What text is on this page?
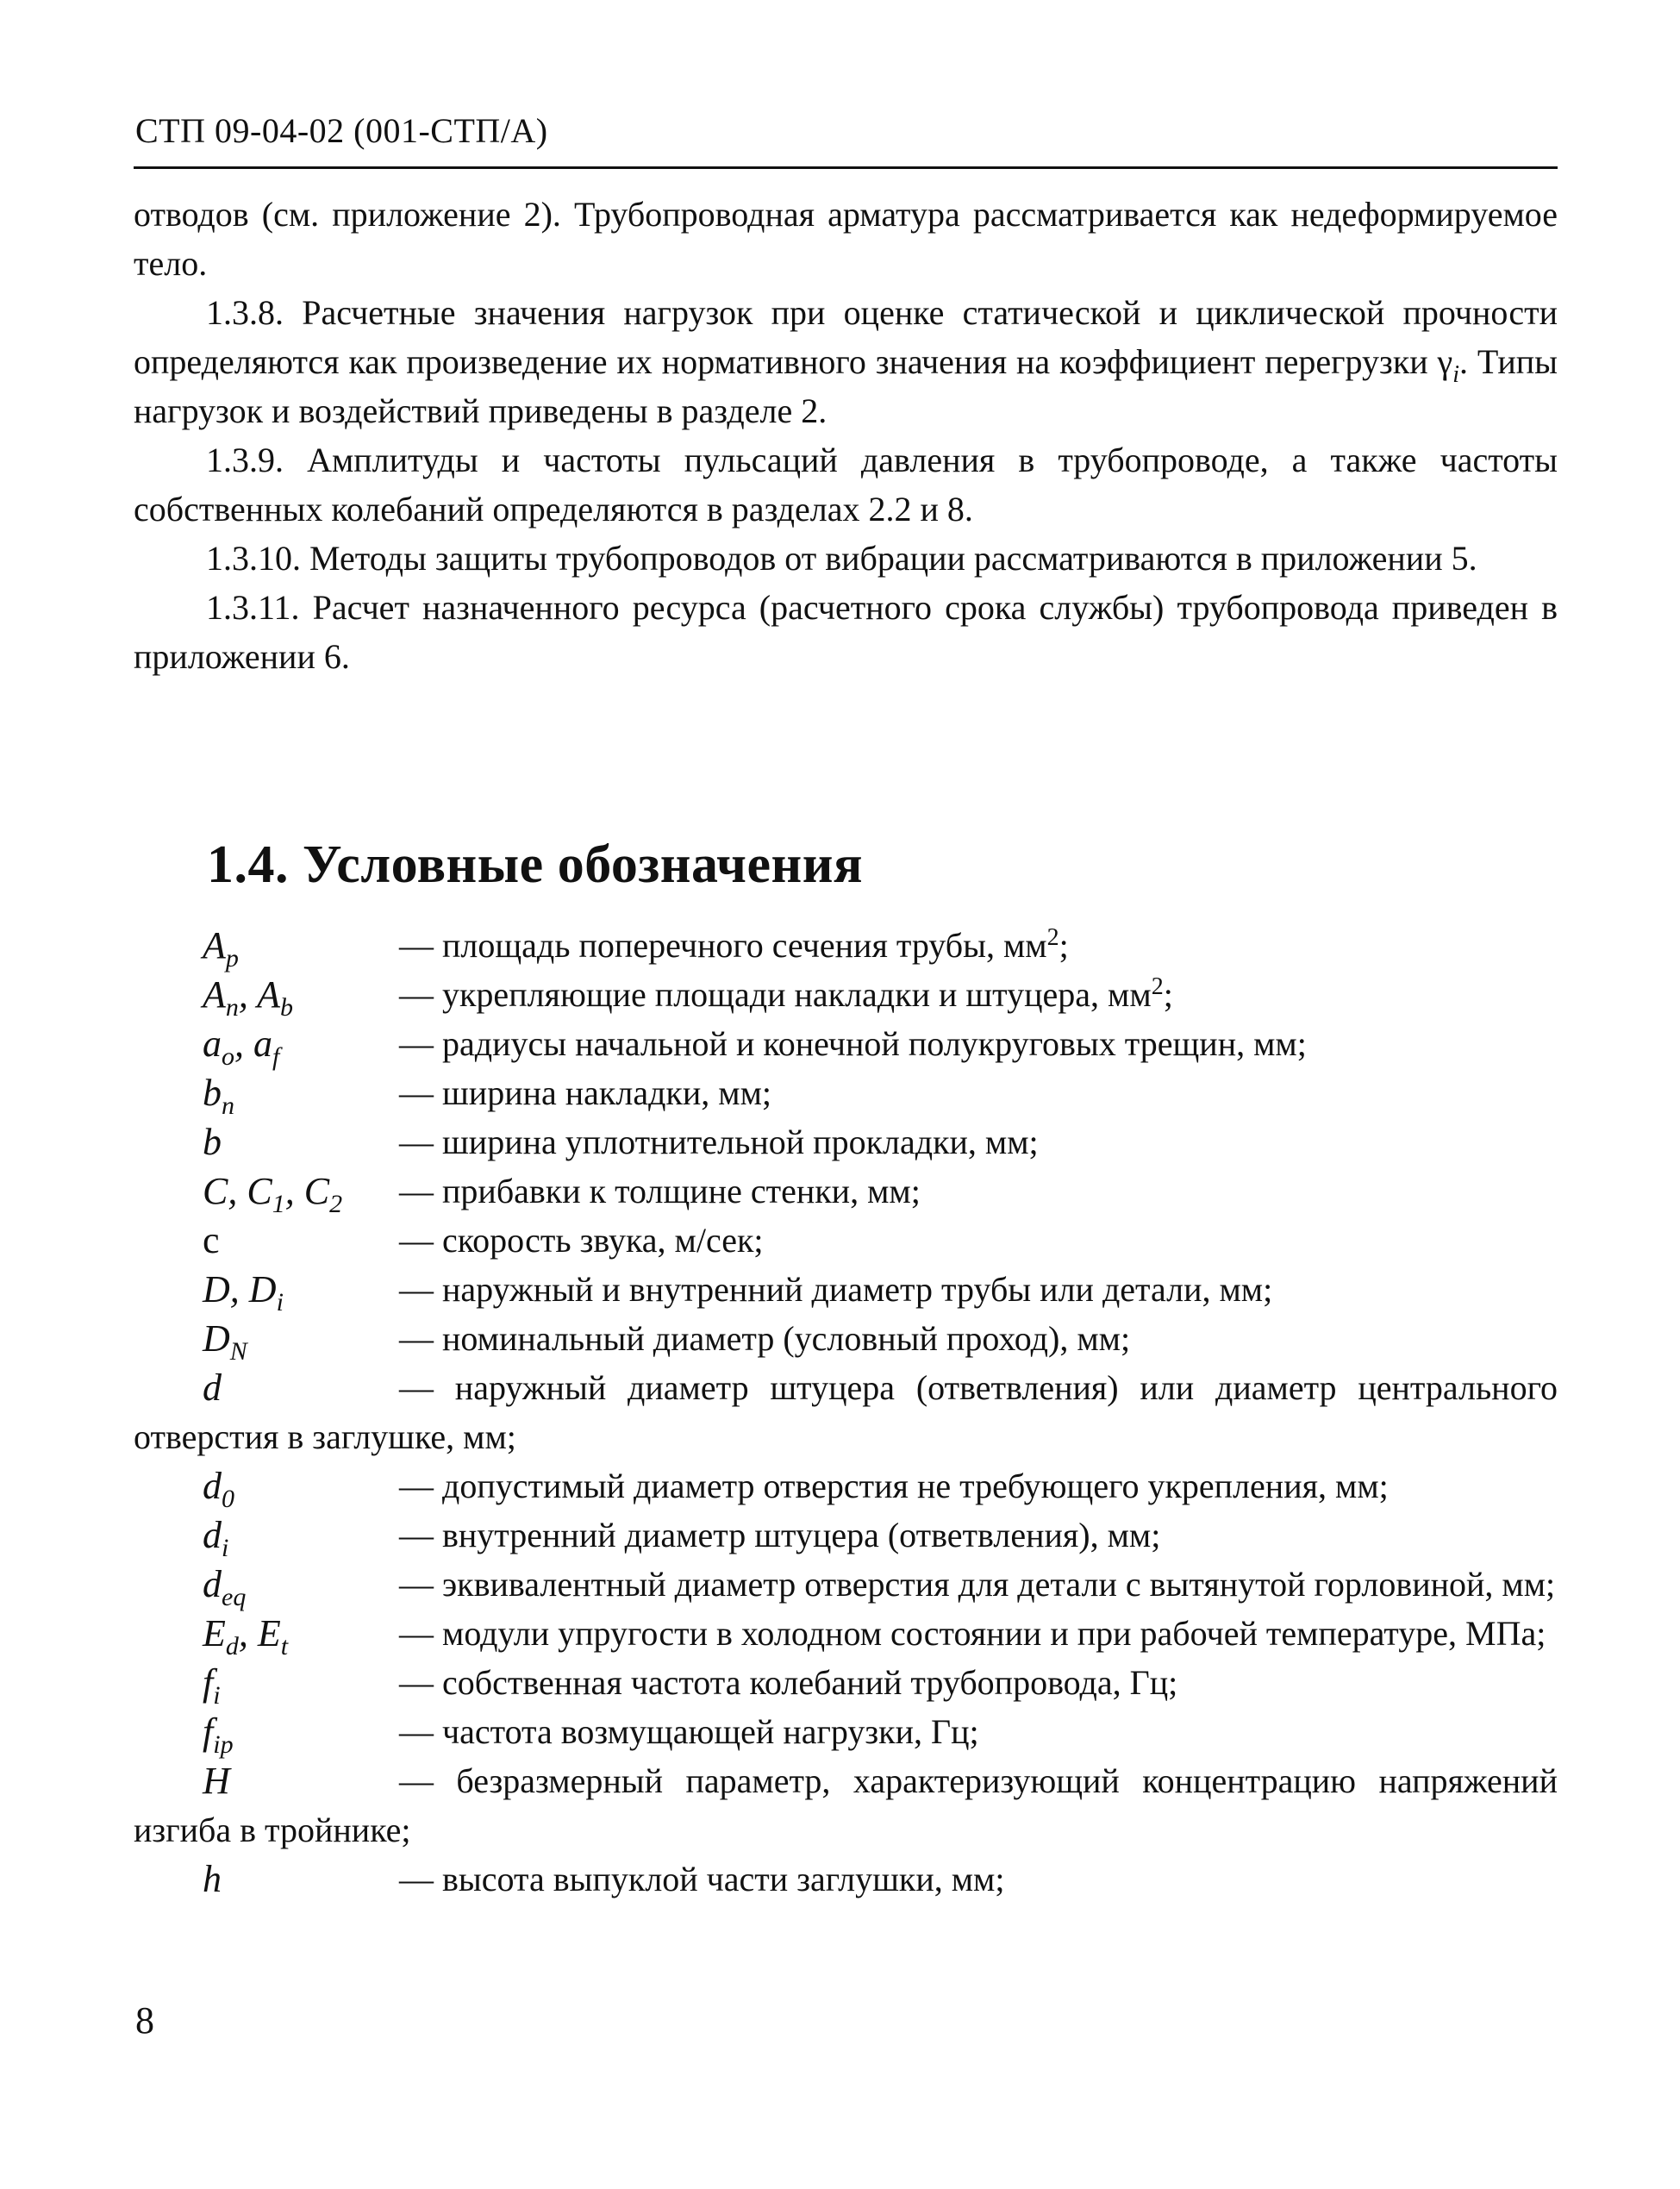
СТП 09-04-02 (001-СТП/А)

отводов (см. приложение 2). Трубопроводная арматура рассматривается как недеформируемое тело.

1.3.8. Расчетные значения нагрузок при оценке статической и циклической прочности определяются как произведение их нормативного значения на коэффициент перегрузки $\gamma_i$. Типы нагрузок и воздействий приведены в разделе 2.

1.3.9. Амплитуды и частоты пульсаций давления в трубопроводе, а также частоты собственных колебаний определяются в разделах 2.2 и 8.

1.3.10. Методы защиты трубопроводов от вибрации рассматриваются в приложении 5.

1.3.11. Расчет назначенного ресурса (расчетного срока службы) трубопровода приведен в приложении 6.

1.4. Условные обозначения
$A_p$	— площадь поперечного сечения трубы, $мм^2$;
$A_n$, $A_b$	— укрепляющие площади накладки и штуцера, $мм^2$;
$a_o$, $a_f$	— радиусы начальной и конечной полукруговых трещин, мм;
$b_n$	— ширина накладки, мм;
b	— ширина уплотнительной прокладки, мм;
C, $C_1$, $C_2$ — прибавки к толщине стенки, мм;
c	— скорость звука, м/сек;
D, $D_i$	— наружный и внутренний диаметр трубы или детали, мм;
$D_N$	— номинальный диаметр (условный проход), мм;
d	— наружный диаметр штуцера (ответвления) или диаметр центрального отверстия в заглушке, мм;
$d_0$	— допустимый диаметр отверстия не требующего укрепления, мм;
$d_i$	— внутренний диаметр штуцера (ответвления), мм;
$d_{eq}$	— эквивалентный диаметр отверстия для детали с вытянутой горловиной, мм;
$E_d$, $E_t$	— модули упругости в холодном состоянии и при рабочей температуре, МПа;
$f_i$	— собственная частота колебаний трубопровода, Гц;
$f_{ip}$	— частота возмущающей нагрузки, Гц;
H	— безразмерный параметр, характеризующий концентрацию напряжений изгиба в тройнике;
h	— высота выпуклой части заглушки, мм;
8
